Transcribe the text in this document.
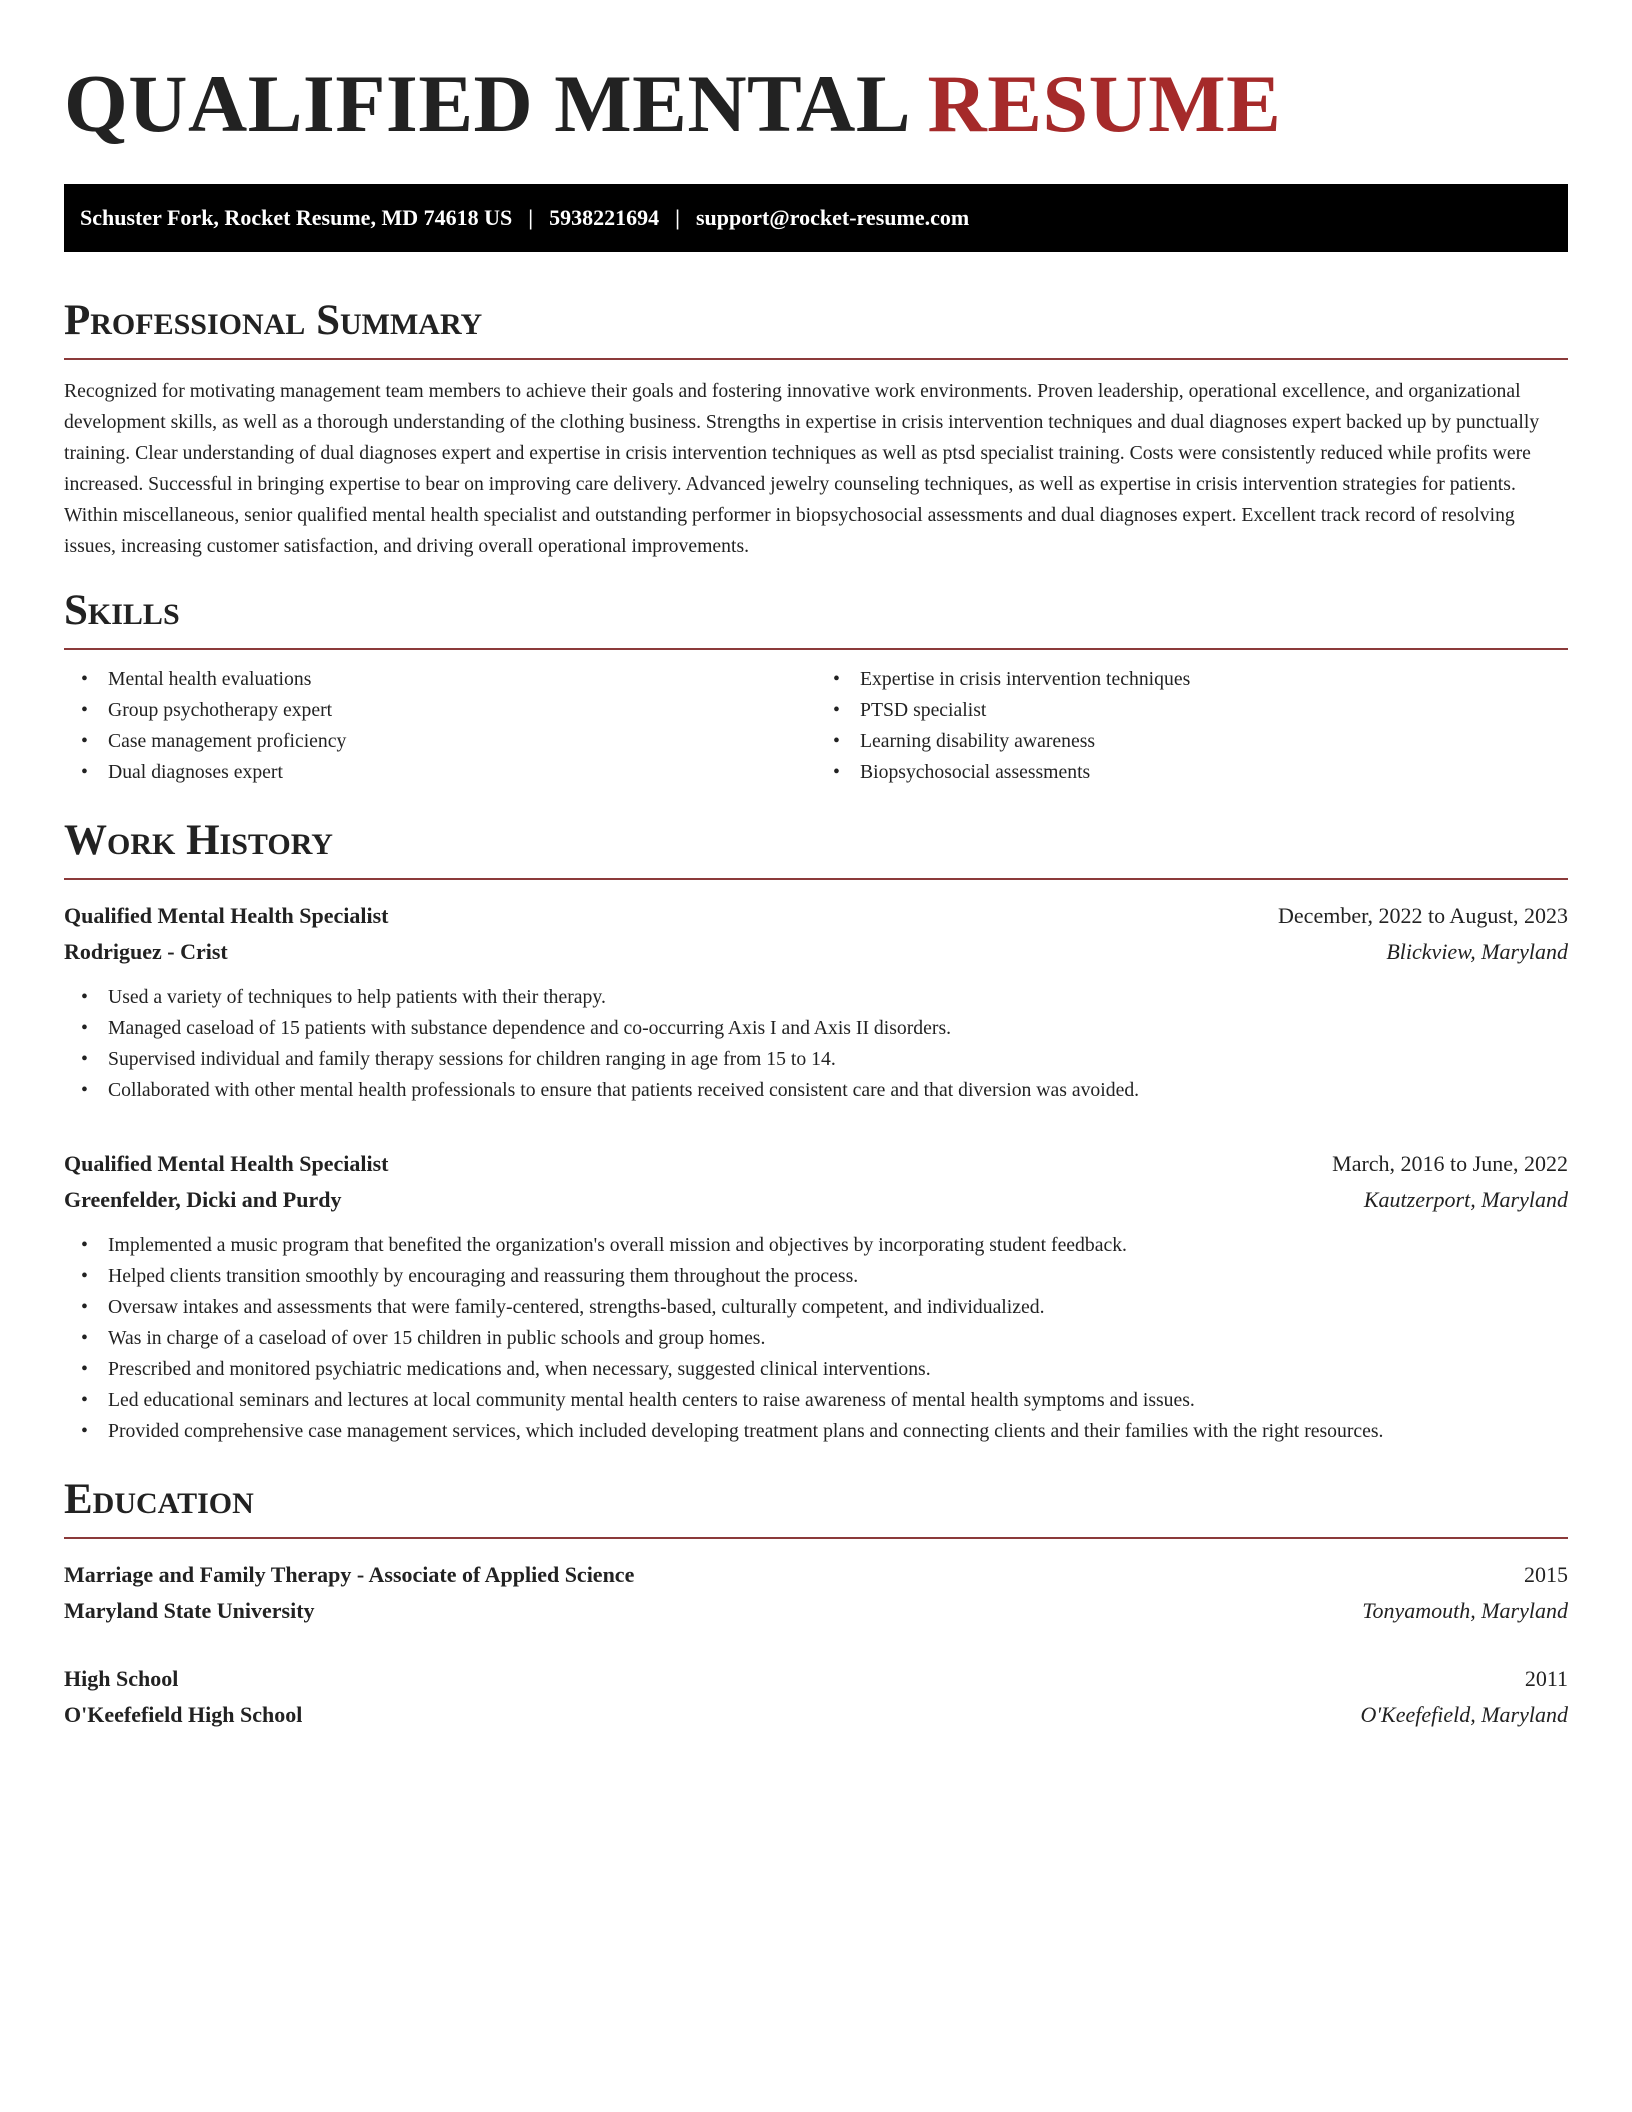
QUALIFIED MENTAL RESUME
Schuster Fork, Rocket Resume, MD 74618 US | 5938221694 | support@rocket-resume.com
Professional Summary

Recognized for motivating management team members to achieve their goals and fostering innovative work environments. Proven leadership, operational excellence, and organizational development skills, as well as a thorough understanding of the clothing business. Strengths in expertise in crisis intervention techniques and dual diagnoses expert backed up by punctually training. Clear understanding of dual diagnoses expert and expertise in crisis intervention techniques as well as ptsd specialist training. Costs were consistently reduced while profits were increased. Successful in bringing expertise to bear on improving care delivery. Advanced jewelry counseling techniques, as well as expertise in crisis intervention strategies for patients. Within miscellaneous, senior qualified mental health specialist and outstanding performer in biopsychosocial assessments and dual diagnoses expert. Excellent track record of resolving issues, increasing customer satisfaction, and driving overall operational improvements.

Skills
• Mental health evaluations
• Group psychotherapy expert
• Case management proficiency
• Dual diagnoses expert
• Expertise in crisis intervention techniques
• PTSD specialist
• Learning disability awareness
• Biopsychosocial assessments
Work History
Qualified Mental Health Specialist	December, 2022 to August, 2023
Rodriguez - Crist	Blickview, Maryland
• Used a variety of techniques to help patients with their therapy.
• Managed caseload of 15 patients with substance dependence and co-occurring Axis I and Axis II disorders.
• Supervised individual and family therapy sessions for children ranging in age from 15 to 14.
• Collaborated with other mental health professionals to ensure that patients received consistent care and that diversion was avoided.
Qualified Mental Health Specialist	March, 2016 to June, 2022
Greenfelder, Dicki and Purdy	Kautzerport, Maryland
• Implemented a music program that benefited the organization's overall mission and objectives by incorporating student feedback.
• Helped clients transition smoothly by encouraging and reassuring them throughout the process.
• Oversaw intakes and assessments that were family-centered, strengths-based, culturally competent, and individualized.
• Was in charge of a caseload of over 15 children in public schools and group homes.
• Prescribed and monitored psychiatric medications and, when necessary, suggested clinical interventions.
• Led educational seminars and lectures at local community mental health centers to raise awareness of mental health symptoms and issues.
• Provided comprehensive case management services, which included developing treatment plans and connecting clients and their families with the right resources.
Education
Marriage and Family Therapy - Associate of Applied Science	2015
Maryland State University	Tonyamouth, Maryland
High School	2011
O'Keefefield High School	O'Keefefield, Maryland
